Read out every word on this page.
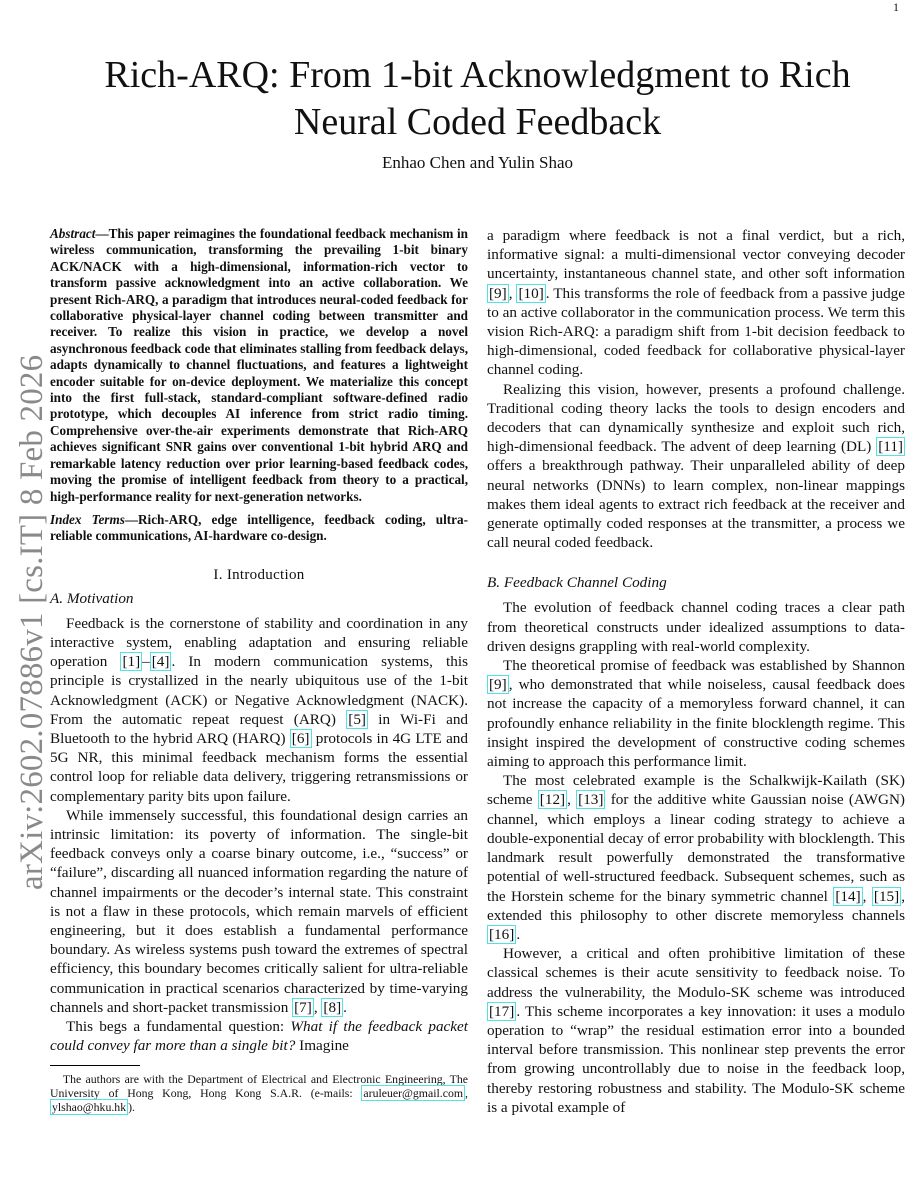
1
arXiv:2602.07886v1 [cs.IT] 8 Feb 2026
Rich-ARQ: From 1-bit Acknowledgment to Rich Neural Coded Feedback
Enhao Chen and Yulin Shao

Abstract—This paper reimagines the foundational feedback mechanism in wireless communication, transforming the prevailing 1-bit binary ACK/NACK with a high-dimensional, information-rich vector to transform passive acknowledgment into an active collaboration. We present Rich-ARQ, a paradigm that introduces neural-coded feedback for collaborative physical-layer channel coding between transmitter and receiver. To realize this vision in practice, we develop a novel asynchronous feedback code that eliminates stalling from feedback delays, adapts dynamically to channel fluctuations, and features a lightweight encoder suitable for on-device deployment. We materialize this concept into the first full-stack, standard-compliant software-defined radio prototype, which decouples AI inference from strict radio timing. Comprehensive over-the-air experiments demonstrate that Rich-ARQ achieves significant SNR gains over conventional 1-bit hybrid ARQ and remarkable latency reduction over prior learning-based feedback codes, moving the promise of intelligent feedback from theory to a practical, high-performance reality for next-generation networks.

Index Terms—Rich-ARQ, edge intelligence, feedback coding, ultra-reliable communications, AI-hardware co-design.

I. Introduction
A. Motivation

Feedback is the cornerstone of stability and coordination in any interactive system, enabling adaptation and ensuring reliable operation [1] – [4] . In modern communication systems, this principle is crystallized in the nearly ubiquitous use of the 1-bit Acknowledgment (ACK) or Negative Acknowledgment (NACK). From the automatic repeat request (ARQ) [5] in Wi-Fi and Bluetooth to the hybrid ARQ (HARQ) [6] protocols in 4G LTE and 5G NR, this minimal feedback mechanism forms the essential control loop for reliable data delivery, triggering retransmissions or complementary parity bits upon failure.

While immensely successful, this foundational design carries an intrinsic limitation: its poverty of information. The single-bit feedback conveys only a coarse binary outcome, i.e., “success” or “failure”, discarding all nuanced information regarding the nature of channel impairments or the decoder’s internal state. This constraint is not a flaw in these protocols, which remain marvels of efficient engineering, but it does establish a fundamental performance boundary. As wireless systems push toward the extremes of spectral efficiency, this boundary becomes critically salient for ultra-reliable communication in practical scenarios characterized by time-varying channels and short-packet transmission [7] , [8] .

This begs a fundamental question: What if the feedback packet could convey far more than a single bit? Imagine

The authors are with the Department of Electrical and Electronic Engineering, The University of Hong Kong, Hong Kong S.A.R. (e-mails: aruleuer@gmail.com , ylshao@hku.hk ).

a paradigm where feedback is not a final verdict, but a rich, informative signal: a multi-dimensional vector conveying decoder uncertainty, instantaneous channel state, and other soft information [9] , [10] . This transforms the role of feedback from a passive judge to an active collaborator in the communication process. We term this vision Rich-ARQ: a paradigm shift from 1-bit decision feedback to high-dimensional, coded feedback for collaborative physical-layer channel coding.

Realizing this vision, however, presents a profound challenge. Traditional coding theory lacks the tools to design encoders and decoders that can dynamically synthesize and exploit such rich, high-dimensional feedback. The advent of deep learning (DL) [11] offers a breakthrough pathway. Their unparalleled ability of deep neural networks (DNNs) to learn complex, non-linear mappings makes them ideal agents to extract rich feedback at the receiver and generate optimally coded responses at the transmitter, a process we call neural coded feedback.

B. Feedback Channel Coding

The evolution of feedback channel coding traces a clear path from theoretical constructs under idealized assumptions to data-driven designs grappling with real-world complexity.

The theoretical promise of feedback was established by Shannon [9] , who demonstrated that while noiseless, causal feedback does not increase the capacity of a memoryless forward channel, it can profoundly enhance reliability in the finite blocklength regime. This insight inspired the development of constructive coding schemes aiming to approach this performance limit.

The most celebrated example is the Schalkwijk-Kailath (SK) scheme [12] , [13] for the additive white Gaussian noise (AWGN) channel, which employs a linear coding strategy to achieve a double-exponential decay of error probability with blocklength. This landmark result powerfully demonstrated the transformative potential of well-structured feedback. Subsequent schemes, such as the Horstein scheme for the binary symmetric channel [14] , [15] , extended this philosophy to other discrete memoryless channels [16] .

However, a critical and often prohibitive limitation of these classical schemes is their acute sensitivity to feedback noise. To address the vulnerability, the Modulo-SK scheme was introduced [17] . This scheme incorporates a key innovation: it uses a modulo operation to “wrap” the residual estimation error into a bounded interval before transmission. This nonlinear step prevents the error from growing uncontrollably due to noise in the feedback loop, thereby restoring robustness and stability. The Modulo-SK scheme is a pivotal example of
